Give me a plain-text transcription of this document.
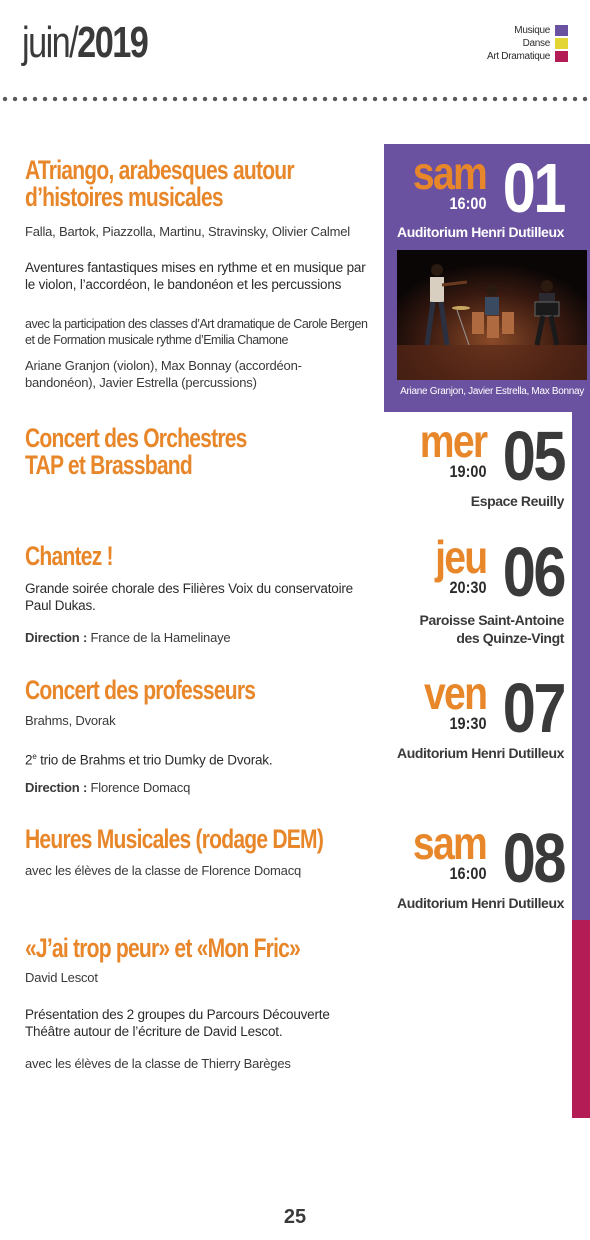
juin/2019	Musique
Danse
Art Dramatique
ATriango, arabesques autour
d’histoires musicales
Falla, Bartok, Piazzolla, Martinu, Stravinsky, Olivier Calmel
Aventures fantastiques mises en rythme et en musique par le violon, l’accordéon, le bandonéon et les percussions
avec la participation des classes d’Art dramatique de Carole Bergen et de Formation musicale rythme d’Emilia Chamone
Ariane Granjon (violon), Max Bonnay (accordéon-bandonéon), Javier Estrella (percussions)
sam
16:00 01
Auditorium Henri Dutilleux
Ariane Granjon, Javier Estrella, Max Bonnay
Concert des Orchestres
TAP et Brassband	mer
19:00 05
Espace Reuilly
Chantez !
Grande soirée chorale des Filières Voix du conservatoire Paul Dukas.
Direction : France de la Hamelinaye
jeu
20:30 06
Paroisse Saint-Antoine
des Quinze-Vingt
Concert des professeurs
Brahms, Dvorak
2e trio de Brahms et trio Dumky de Dvorak.
Direction : Florence Domacq
ven
19:30 07
Auditorium Henri Dutilleux
Heures Musicales (rodage DEM)
avec les élèves de la classe de Florence Domacq
sam
16:00 08
Auditorium Henri Dutilleux
«J’ai trop peur» et «Mon Fric»
David Lescot
Présentation des 2 groupes du Parcours Découverte Théâtre autour de l’écriture de David Lescot.
avec les élèves de la classe de Thierry Barèges
25
